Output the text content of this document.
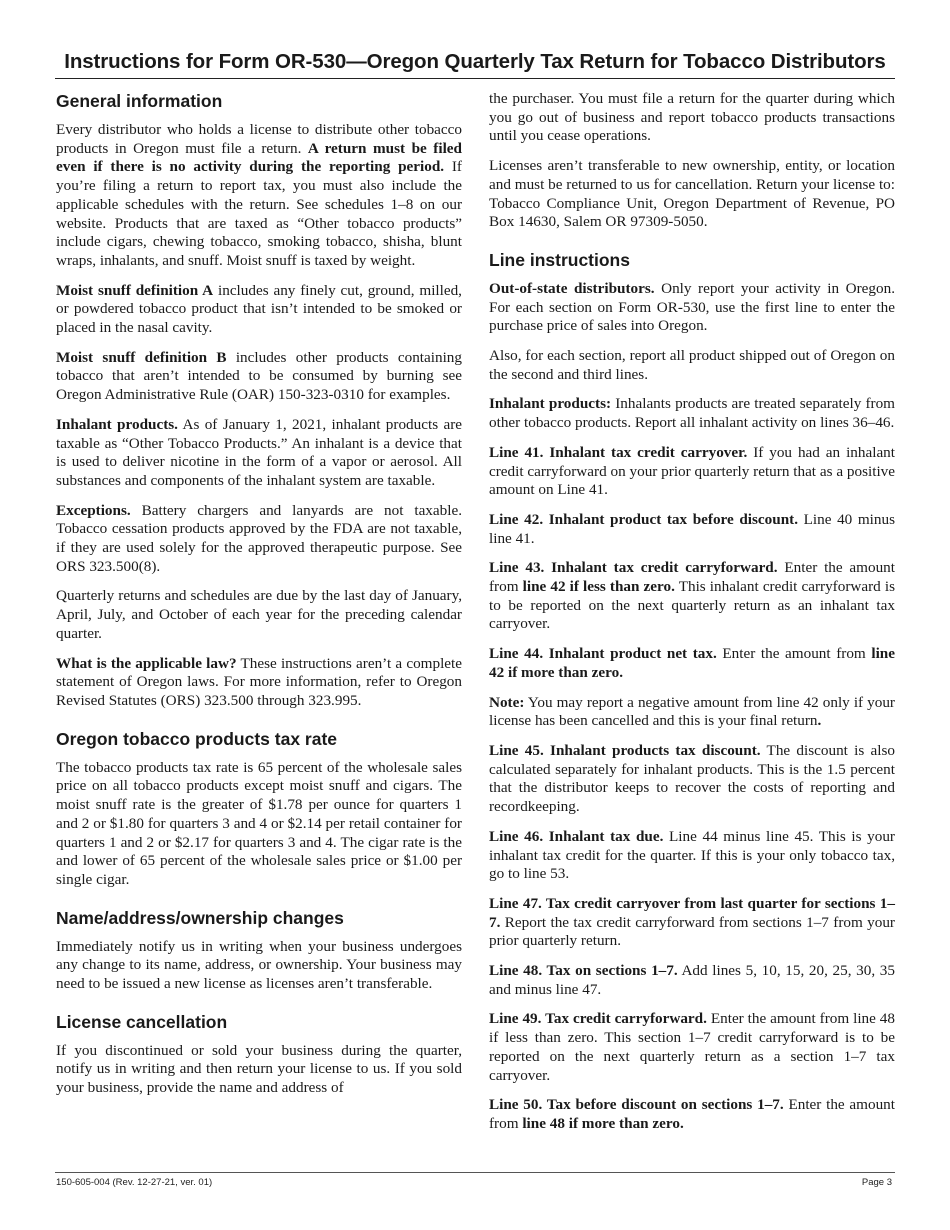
Instructions for Form OR-530—Oregon Quarterly Tax Return for Tobacco Distributors
General information

Every distributor who holds a license to distribute other tobacco products in Oregon must file a return. A return must be filed even if there is no activity during the reporting period. If you’re filing a return to report tax, you must also include the applicable schedules with the return. See schedules 1–8 on our website. Products that are taxed as “Other tobacco products” include cigars, chewing tobacco, smoking tobacco, shisha, blunt wraps, inhalants, and snuff. Moist snuff is taxed by weight.

Moist snuff definition A includes any finely cut, ground, milled, or powdered tobacco product that isn’t intended to be smoked or placed in the nasal cavity.

Moist snuff definition B includes other products containing tobacco that aren’t intended to be consumed by burning see Oregon Administrative Rule (OAR) 150-323-0310 for examples.

Inhalant products. As of January 1, 2021, inhalant products are taxable as “Other Tobacco Products.” An inhalant is a device that is used to deliver nicotine in the form of a vapor or aerosol. All substances and components of the inhalant system are taxable.

Exceptions. Battery chargers and lanyards are not taxable. Tobacco cessation products approved by the FDA are not taxable, if they are used solely for the approved therapeutic purpose. See ORS 323.500(8).

Quarterly returns and schedules are due by the last day of January, April, July, and October of each year for the preceding calendar quarter.

What is the applicable law? These instructions aren’t a complete statement of Oregon laws. For more information, refer to Oregon Revised Statutes (ORS) 323.500 through 323.995.

Oregon tobacco products tax rate

The tobacco products tax rate is 65 percent of the wholesale sales price on all tobacco products except moist snuff and cigars. The moist snuff rate is the greater of $1.78 per ounce for quarters 1 and 2 or $1.80 for quarters 3 and 4 or $2.14 per retail container for quarters 1 and 2 or $2.17 for quarters 3 and 4. The cigar rate is the and lower of 65 percent of the wholesale sales price or $1.00 per single cigar.

Name/address/ownership changes

Immediately notify us in writing when your business undergoes any change to its name, address, or ownership. Your business may need to be issued a new license as licenses aren’t transferable.

License cancellation

If you discontinued or sold your business during the quarter, notify us in writing and then return your license to us. If you sold your business, provide the name and address of

the purchaser. You must file a return for the quarter during which you go out of business and report tobacco products transactions until you cease operations.

Licenses aren’t transferable to new ownership, entity, or location and must be returned to us for cancellation. Return your license to: Tobacco Compliance Unit, Oregon Department of Revenue, PO Box 14630, Salem OR 97309-5050.

Line instructions

Out-of-state distributors. Only report your activity in Oregon. For each section on Form OR-530, use the first line to enter the purchase price of sales into Oregon.

Also, for each section, report all product shipped out of Oregon on the second and third lines.

Inhalant products: Inhalants products are treated separately from other tobacco products. Report all inhalant activity on lines 36–46.

Line 41. Inhalant tax credit carryover. If you had an inhalant credit carryforward on your prior quarterly return that as a positive amount on Line 41.

Line 42. Inhalant product tax before discount. Line 40 minus line 41.

Line 43. Inhalant tax credit carryforward. Enter the amount from line 42 if less than zero. This inhalant credit carryforward is to be reported on the next quarterly return as an inhalant tax carryover.

Line 44. Inhalant product net tax. Enter the amount from line 42 if more than zero.

Note: You may report a negative amount from line 42 only if your license has been cancelled and this is your final return.

Line 45. Inhalant products tax discount. The discount is also calculated separately for inhalant products. This is the 1.5 percent that the distributor keeps to recover the costs of reporting and recordkeeping.

Line 46. Inhalant tax due. Line 44 minus line 45. This is your inhalant tax credit for the quarter. If this is your only tobacco tax, go to line 53.

Line 47. Tax credit carryover from last quarter for sections 1–7. Report the tax credit carryforward from sections 1–7 from your prior quarterly return.

Line 48. Tax on sections 1–7. Add lines 5, 10, 15, 20, 25, 30, 35 and minus line 47.

Line 49. Tax credit carryforward. Enter the amount from line 48 if less than zero. This section 1–7 credit carryforward is to be reported on the next quarterly return as a section 1–7 tax carryover.

Line 50. Tax before discount on sections 1–7. Enter the amount from line 48 if more than zero.

150-605-004 (Rev. 12-27-21, ver. 01)	Page 3
